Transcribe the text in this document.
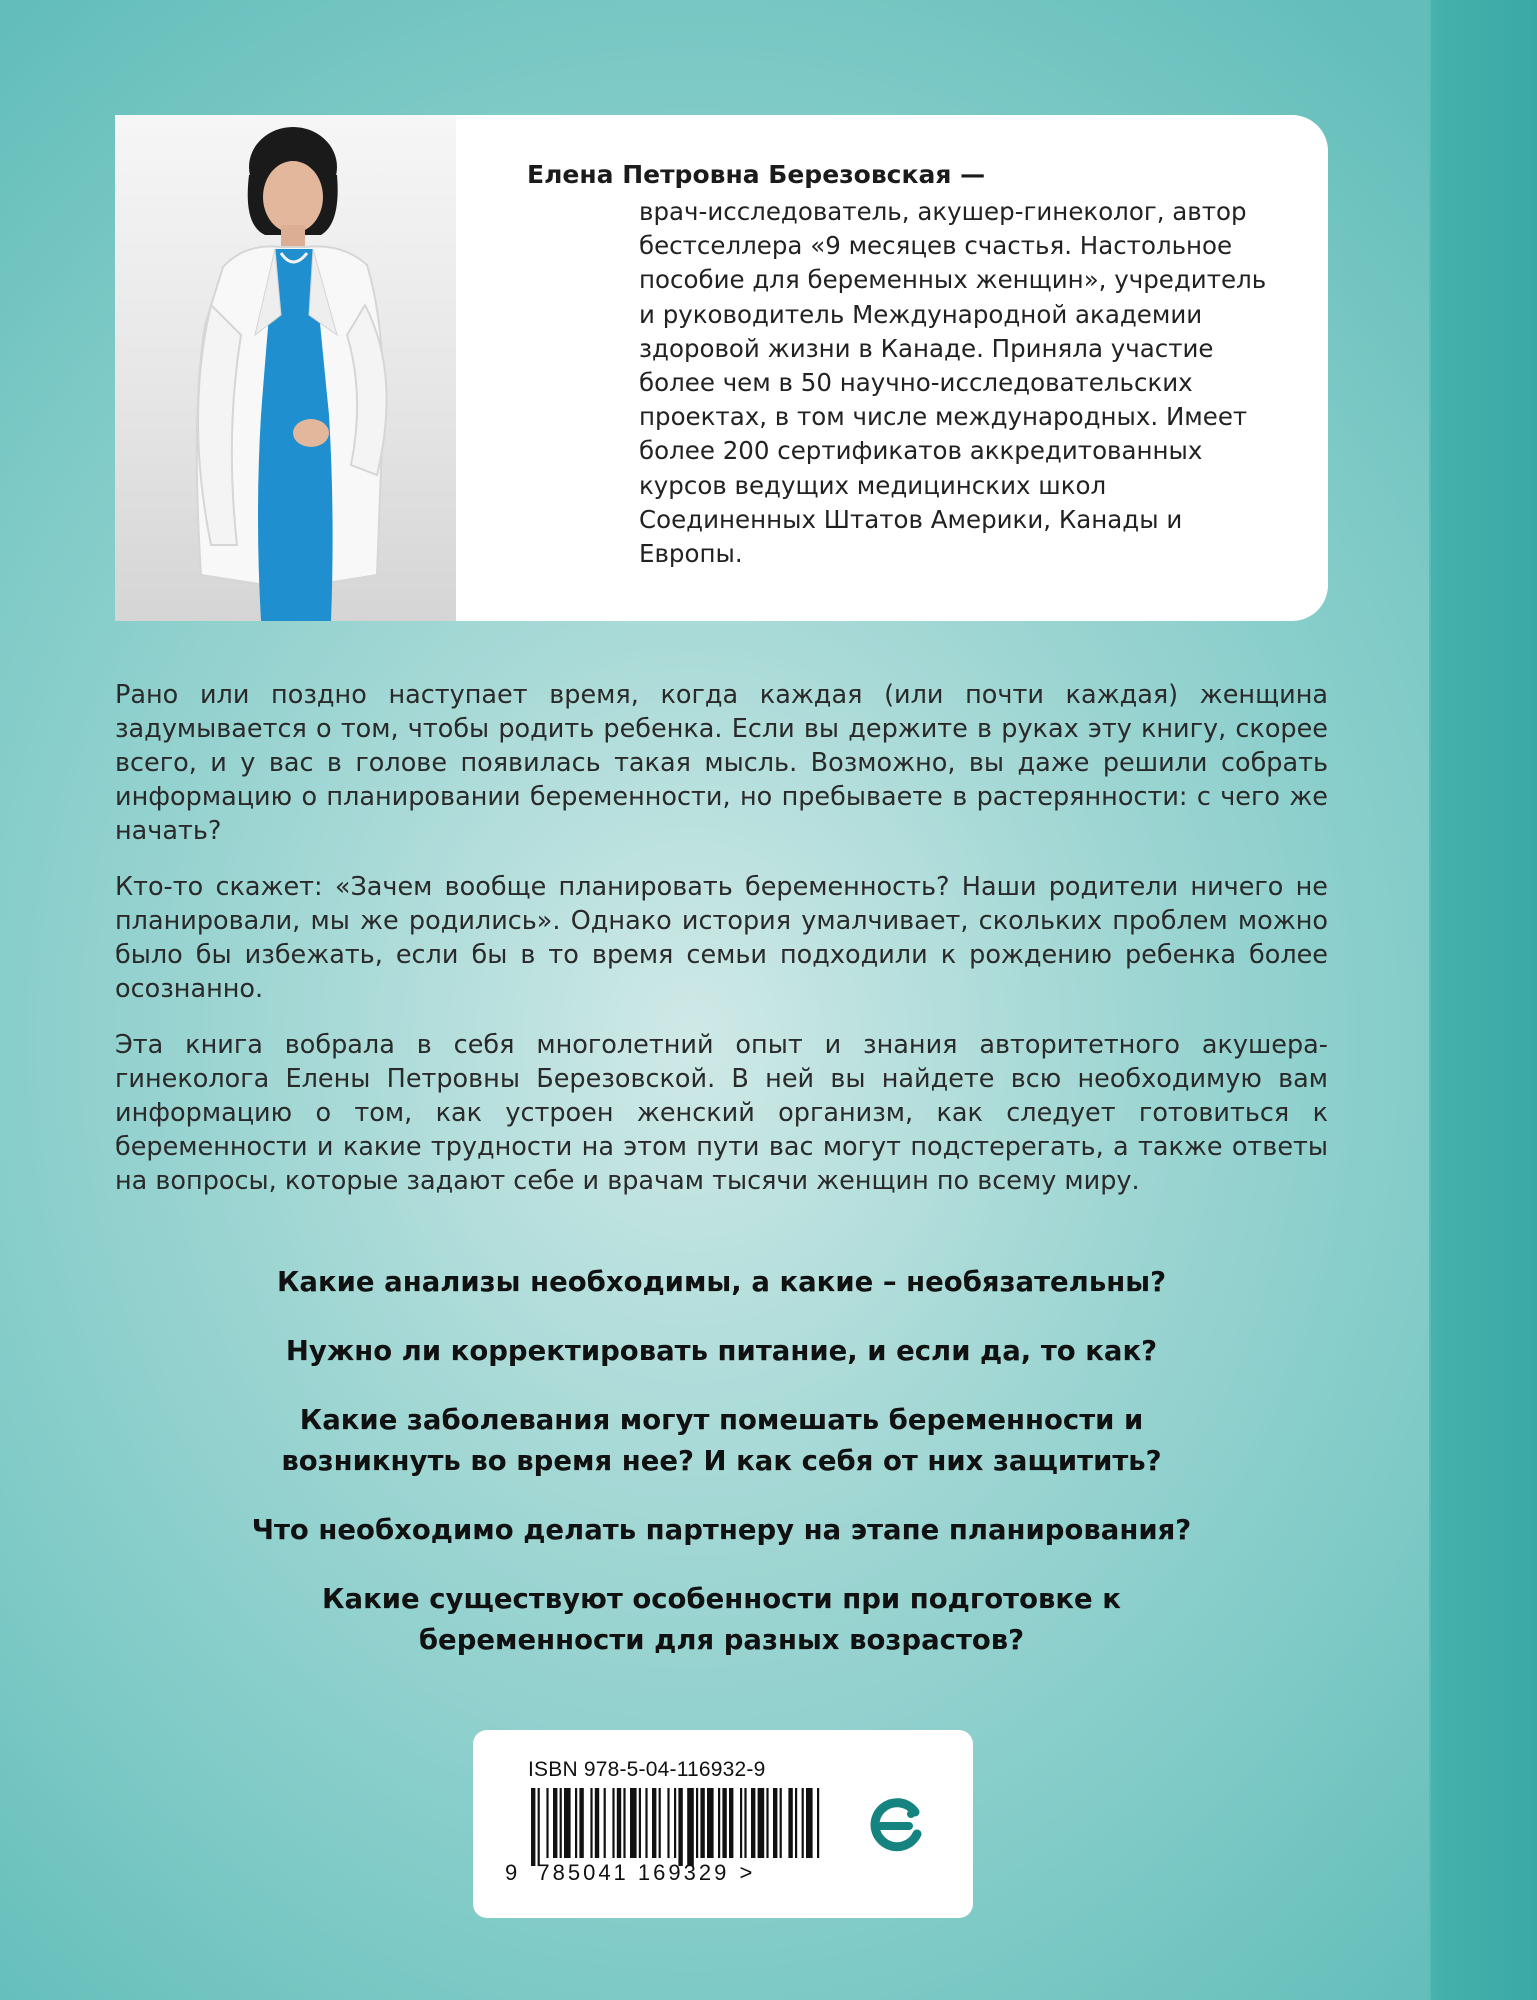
Елена Петровна Березовская —
врач-исследователь, акушер-гинеколог, автор бестселлера «9 месяцев счастья. Настольное пособие для беременных женщин», учредитель и руководитель Международной академии здоровой жизни в Канаде. Приняла участие более чем в 50 научно-исследовательских проектах, в том числе международных. Имеет более 200 сертификатов аккредитованных курсов ведущих медицинских школ Соединенных Штатов Америки, Канады и Европы.

Рано или поздно наступает время, когда каждая (или почти каждая) женщина задумывается о том, чтобы родить ребенка. Если вы держите в руках эту книгу, скорее всего, и у вас в голове появилась такая мысль. Возможно, вы даже решили собрать информацию о планировании беременности, но пребываете в растерянности: с чего же начать?

Кто-то скажет: «Зачем вообще планировать беременность? Наши родители ничего не планировали, мы же родились». Однако история умалчивает, скольких проблем можно было бы избежать, если бы в то время семьи подходили к рождению ребенка более осознанно.

Эта книга вобрала в себя многолетний опыт и знания авторитетного акушера-гинеколога Елены Петровны Березовской. В ней вы найдете всю необходимую вам информацию о том, как устроен женский организм, как следует готовиться к беременности и какие трудности на этом пути вас могут подстерегать, а также ответы на вопросы, которые задают себе и врачам тысячи женщин по всему миру.

Какие анализы необходимы, а какие – необязательны?

Нужно ли корректировать питание, и если да, то как?

Какие заболевания могут помешать беременности и возникнуть во время нее? И как себя от них защитить?

Что необходимо делать партнеру на этапе планирования?

Какие существуют особенности при подготовке к беременности для разных возрастов?

ISBN 978-5-04-116932-9
9 785041 169329 >
